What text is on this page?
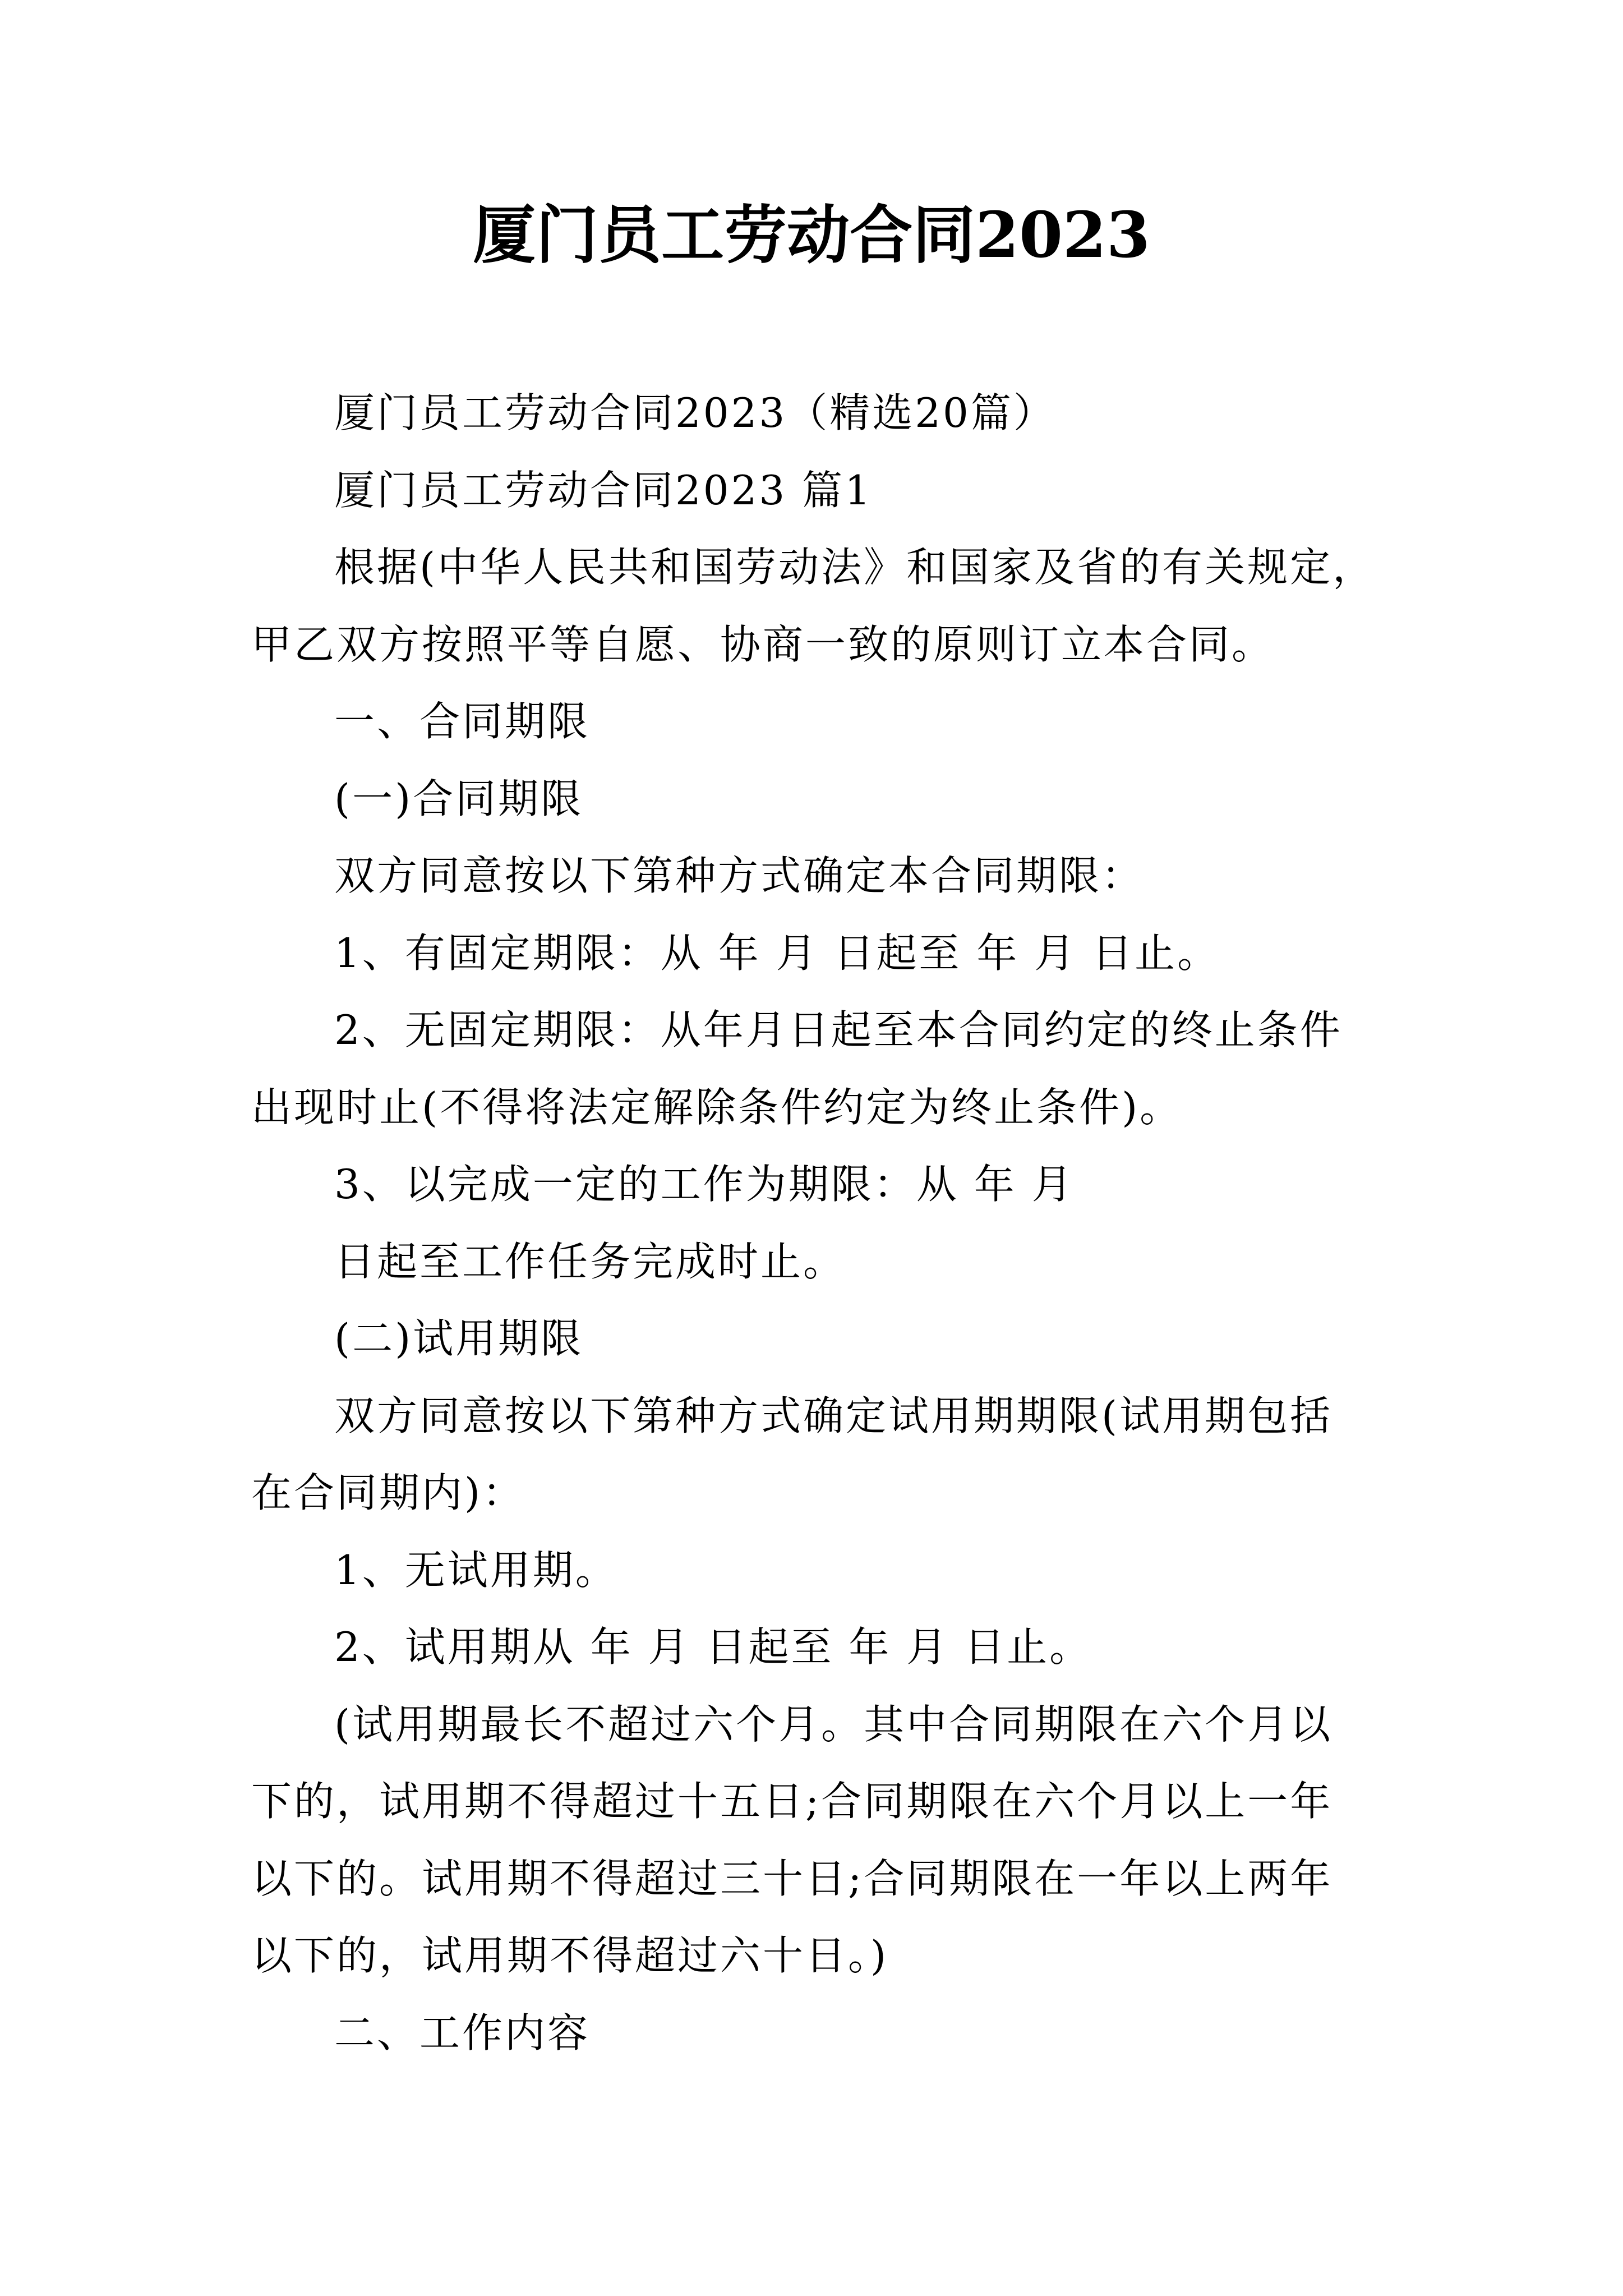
厦门员工劳动合同2023
厦门员工劳动合同2023（精选20篇）
厦门员工劳动合同2023 篇1
根据(中华人民共和国劳动法》和国家及省的有关规定，
甲乙双方按照平等自愿、协商一致的原则订立本合同。
一、合同期限
(一)合同期限
双方同意按以下第种方式确定本合同期限：
1、有固定期限：从 年 月 日起至 年 月 日止。
2、无固定期限：从年月日起至本合同约定的终止条件
出现时止(不得将法定解除条件约定为终止条件)。
3、以完成一定的工作为期限：从 年 月
日起至工作任务完成时止。
(二)试用期限
双方同意按以下第种方式确定试用期期限(试用期包括
在合同期内)：
1、无试用期。
2、试用期从 年 月 日起至 年 月 日止。
(试用期最长不超过六个月。其中合同期限在六个月以
下的，试用期不得超过十五日;合同期限在六个月以上一年
以下的。试用期不得超过三十日;合同期限在一年以上两年
以下的，试用期不得超过六十日。)
二、工作内容
